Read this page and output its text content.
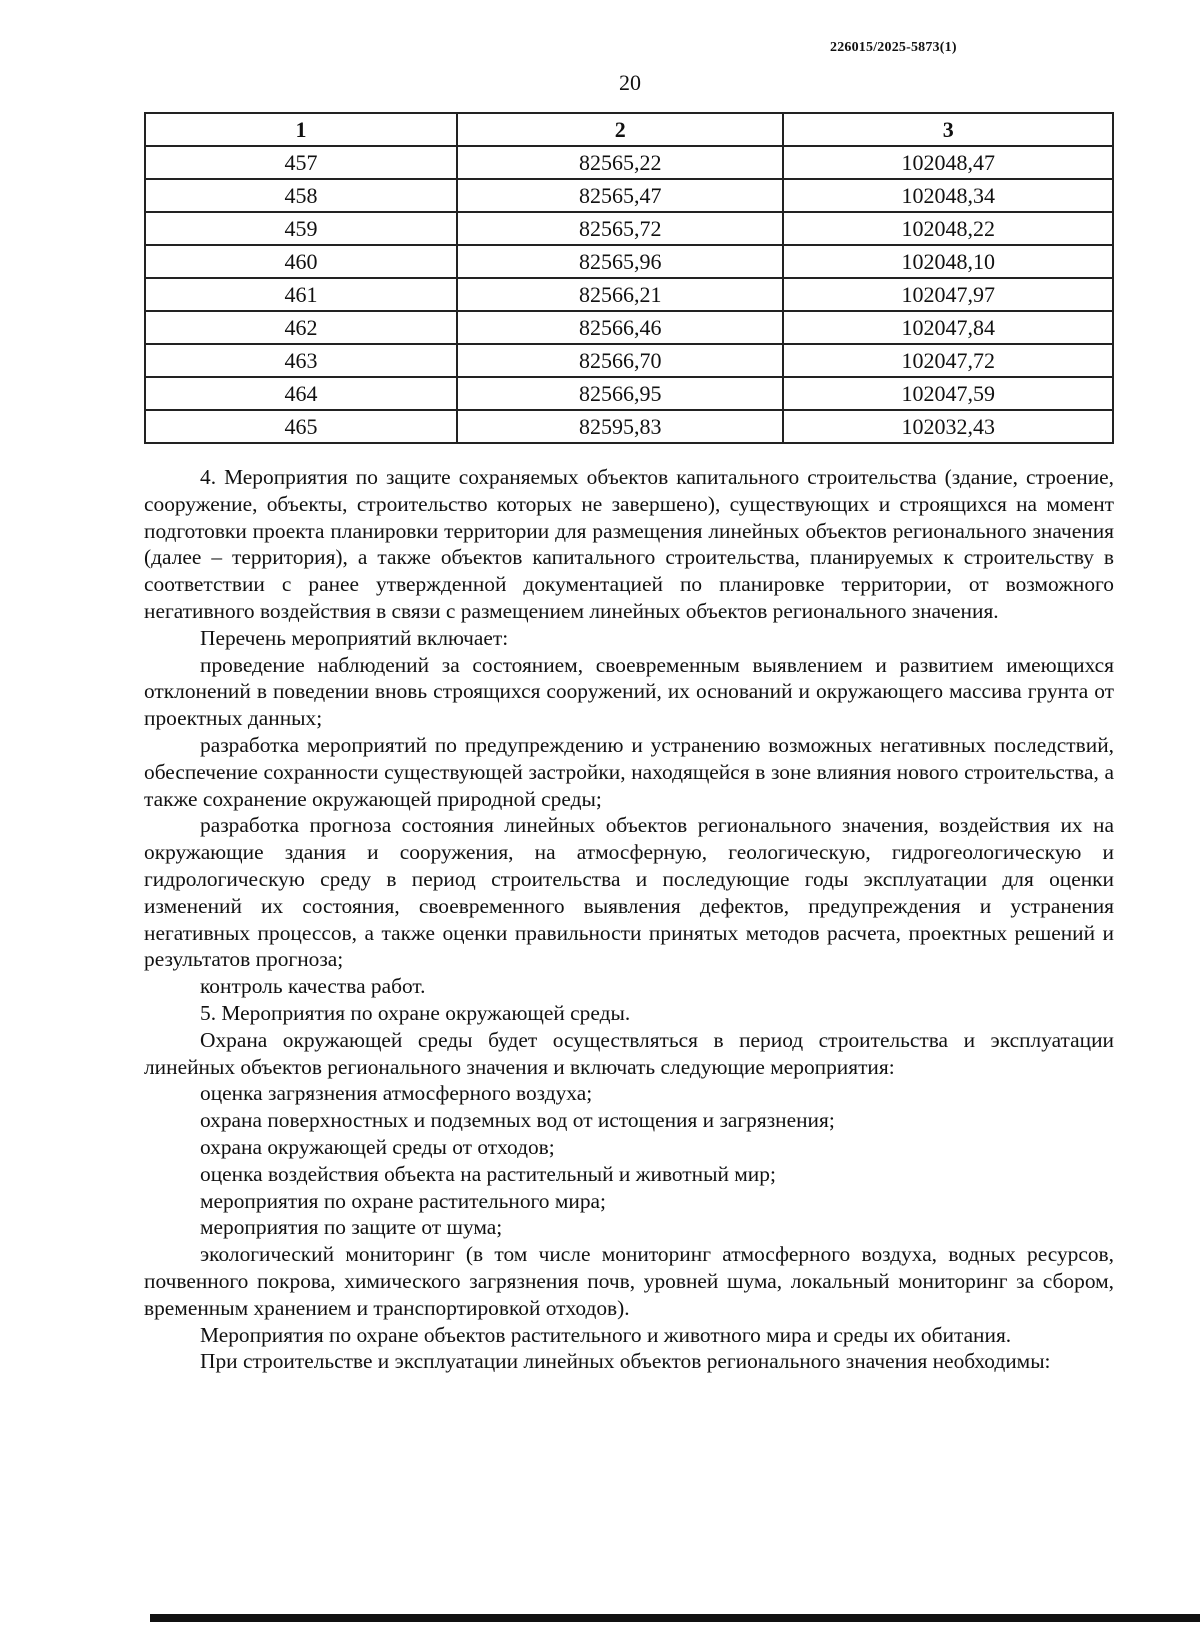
226015/2025-5873(1)
20
1	2	3
457	82565,22	102048,47
458	82565,47	102048,34
459	82565,72	102048,22
460	82565,96	102048,10
461	82566,21	102047,97
462	82566,46	102047,84
463	82566,70	102047,72
464	82566,95	102047,59
465	82595,83	102032,43

4. Мероприятия по защите сохраняемых объектов капитального строительства (здание, строение, сооружение, объекты, строительство которых не завершено), существующих и строящихся на момент подготовки проекта планировки территории для размещения линейных объектов регионального значения (далее – территория), а также объектов капитального строительства, планируемых к строительству в соответствии с ранее утвержденной документацией по планировке территории, от возможного негативного воздействия в связи с размещением линейных объектов регионального значения.

Перечень мероприятий включает:

проведение наблюдений за состоянием, своевременным выявлением и развитием имеющихся отклонений в поведении вновь строящихся сооружений, их оснований и окружающего массива грунта от проектных данных;

разработка мероприятий по предупреждению и устранению возможных негативных последствий, обеспечение сохранности существующей застройки, находящейся в зоне влияния нового строительства, а также сохранение окружающей природной среды;

разработка прогноза состояния линейных объектов регионального значения, воздействия их на окружающие здания и сооружения, на атмосферную, геологическую, гидрогеологическую и гидрологическую среду в период строительства и последующие годы эксплуатации для оценки изменений их состояния, своевременного выявления дефектов, предупреждения и устранения негативных процессов, а также оценки правильности принятых методов расчета, проектных решений и результатов прогноза;

контроль качества работ.

5. Мероприятия по охране окружающей среды.

Охрана окружающей среды будет осуществляться в период строительства и эксплуатации линейных объектов регионального значения и включать следующие мероприятия:

оценка загрязнения атмосферного воздуха;

охрана поверхностных и подземных вод от истощения и загрязнения;

охрана окружающей среды от отходов;

оценка воздействия объекта на растительный и животный мир;

мероприятия по охране растительного мира;

мероприятия по защите от шума;

экологический мониторинг (в том числе мониторинг атмосферного воздуха, водных ресурсов, почвенного покрова, химического загрязнения почв, уровней шума, локальный мониторинг за сбором, временным хранением и транспортировкой отходов).

Мероприятия по охране объектов растительного и животного мира и среды их обитания.

При строительстве и эксплуатации линейных объектов регионального значения необходимы:
